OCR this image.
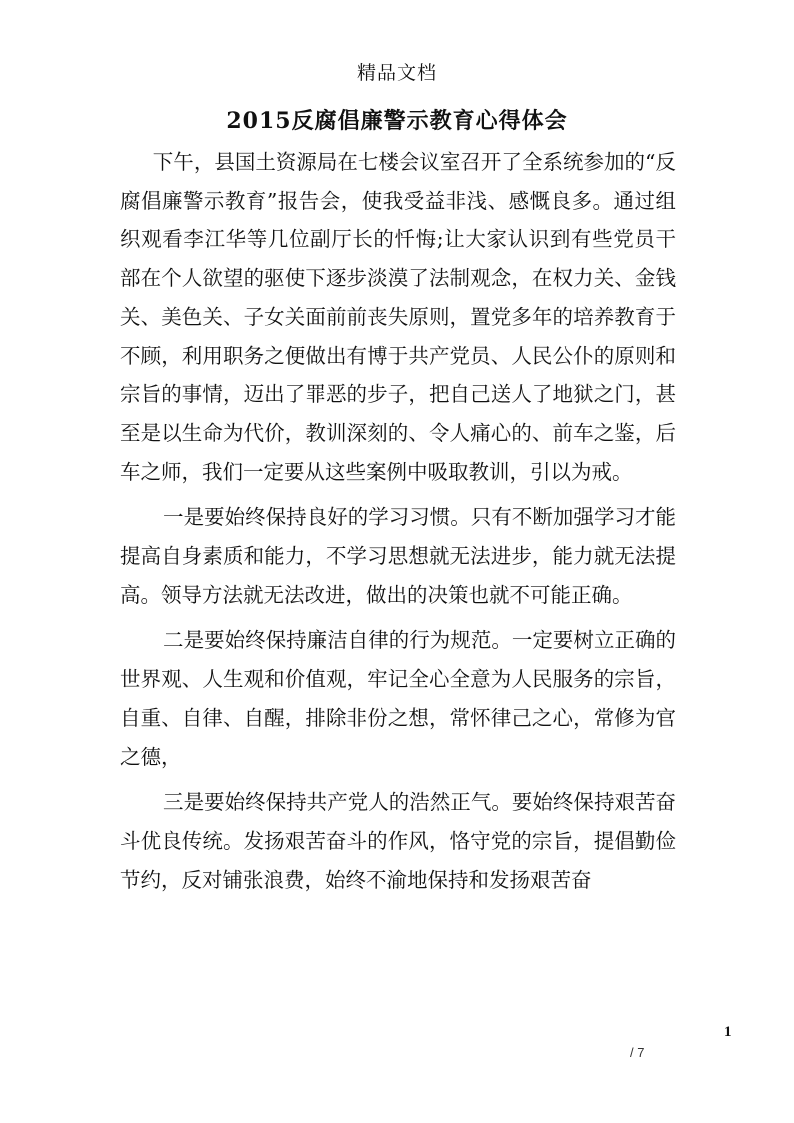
精品文档
2015反腐倡廉警示教育心得体会

下午，县国土资源局在七楼会议室召开了全系统参加的“反腐倡廉警示教育”报告会，使我受益非浅、感慨良多。通过组织观看李江华等几位副厅长的忏悔;让大家认识到有些党员干部在个人欲望的驱使下逐步淡漠了法制观念，在权力关、金钱关、美色关、子女关面前前丧失原则，置党多年的培养教育于不顾，利用职务之便做出有博于共产党员、人民公仆的原则和宗旨的事情，迈出了罪恶的步子，把自己送人了地狱之门，甚至是以生命为代价，教训深刻的、令人痛心的、前车之鉴，后车之师，我们一定要从这些案例中吸取教训，引以为戒。

一是要始终保持良好的学习习惯。只有不断加强学习才能提高自身素质和能力，不学习思想就无法进步，能力就无法提高。领导方法就无法改进，做出的决策也就不可能正确。

二是要始终保持廉洁自律的行为规范。一定要树立正确的世界观、人生观和价值观，牢记全心全意为人民服务的宗旨，自重、自律、自醒，排除非份之想，常怀律己之心，常修为官之德，

三是要始终保持共产党人的浩然正气。要始终保持艰苦奋斗优良传统。发扬艰苦奋斗的作风，恪守党的宗旨，提倡勤俭节约，反对铺张浪费，始终不渝地保持和发扬艰苦奋

1
/ 7
